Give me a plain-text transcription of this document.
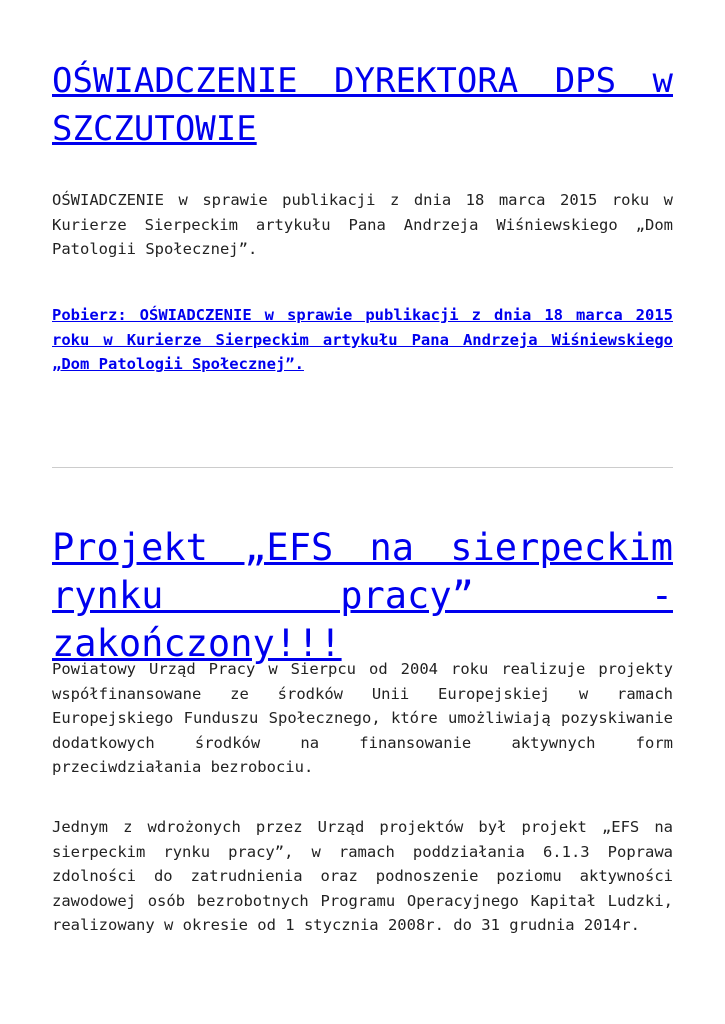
OŚWIADCZENIE DYREKTORA DPS w SZCZUTOWIE

OŚWIADCZENIE w sprawie publikacji z dnia 18 marca 2015 roku w Kurierze Sierpeckim artykułu Pana Andrzeja Wiśniewskiego „Dom Patologii Społecznej”.

Pobierz: OŚWIADCZENIE w sprawie publikacji z dnia 18 marca 2015 roku w Kurierze Sierpeckim artykułu Pana Andrzeja Wiśniewskiego „Dom Patologii Społecznej”.

Projekt „EFS na sierpeckim rynku pracy” - zakończony!!!

Powiatowy Urząd Pracy w Sierpcu od 2004 roku realizuje projekty współfinansowane ze środków Unii Europejskiej w ramach Europejskiego Funduszu Społecznego, które umożliwiają pozyskiwanie dodatkowych środków na finansowanie aktywnych form przeciwdziałania bezrobociu.

Jednym z wdrożonych przez Urząd projektów był projekt „EFS na sierpeckim rynku pracy”, w ramach poddziałania 6.1.3 Poprawa zdolności do zatrudnienia oraz podnoszenie poziomu aktywności zawodowej osób bezrobotnych Programu Operacyjnego Kapitał Ludzki, realizowany w okresie od 1 stycznia 2008r. do 31 grudnia 2014r.
